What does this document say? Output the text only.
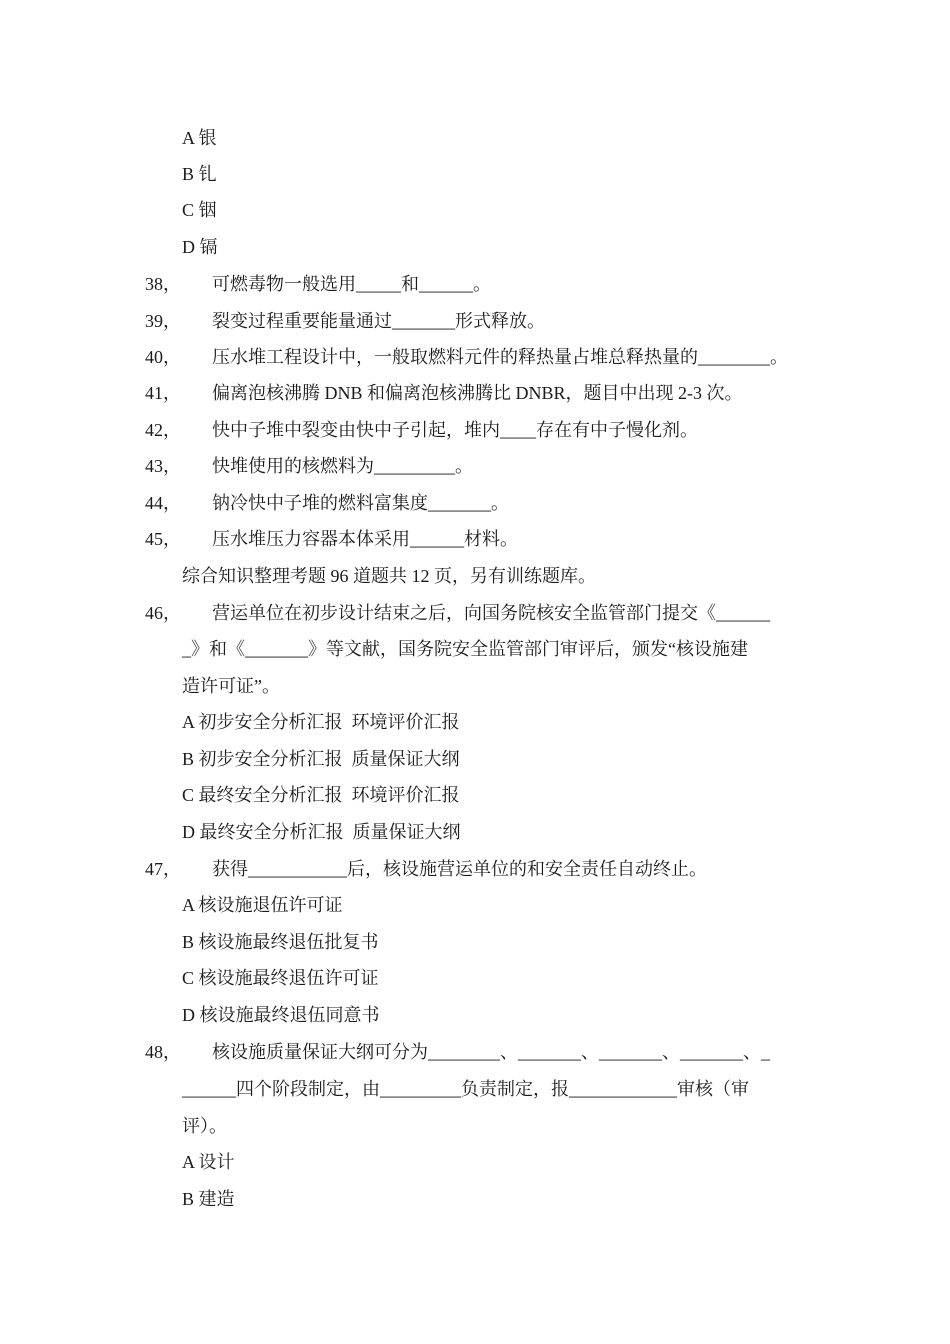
A 银
B 钆
C 铟
D 镉
38， 可燃毒物一般选用_____和______。
39， 裂变过程重要能量通过_______形式释放。
40， 压水堆工程设计中，一般取燃料元件的释热量占堆总释热量的________。
41， 偏离泡核沸腾 DNB 和偏离泡核沸腾比 DNBR，题目中出现 2-3 次。
42， 快中子堆中裂变由快中子引起，堆内____存在有中子慢化剂。
43， 快堆使用的核燃料为_________。
44， 钠冷快中子堆的燃料富集度_______。
45， 压水堆压力容器本体采用______材料。
综合知识整理考题 96 道题共 12 页，另有训练题库。
46， 营运单位在初步设计结束之后，向国务院核安全监管部门提交《______
_》和《_______》等文献，国务院安全监管部门审评后，颁发“核设施建
造许可证”。
A 初步安全分析汇报  环境评价汇报
B 初步安全分析汇报  质量保证大纲
C 最终安全分析汇报  环境评价汇报
D 最终安全分析汇报  质量保证大纲
47， 获得___________后，核设施营运单位的和安全责任自动终止。
A 核设施退伍许可证
B 核设施最终退伍批复书
C 核设施最终退伍许可证
D 核设施最终退伍同意书
48， 核设施质量保证大纲可分为________、_______、_______、_______、_
______四个阶段制定，由_________负责制定，报____________审核（审
评）。
A 设计
B 建造
